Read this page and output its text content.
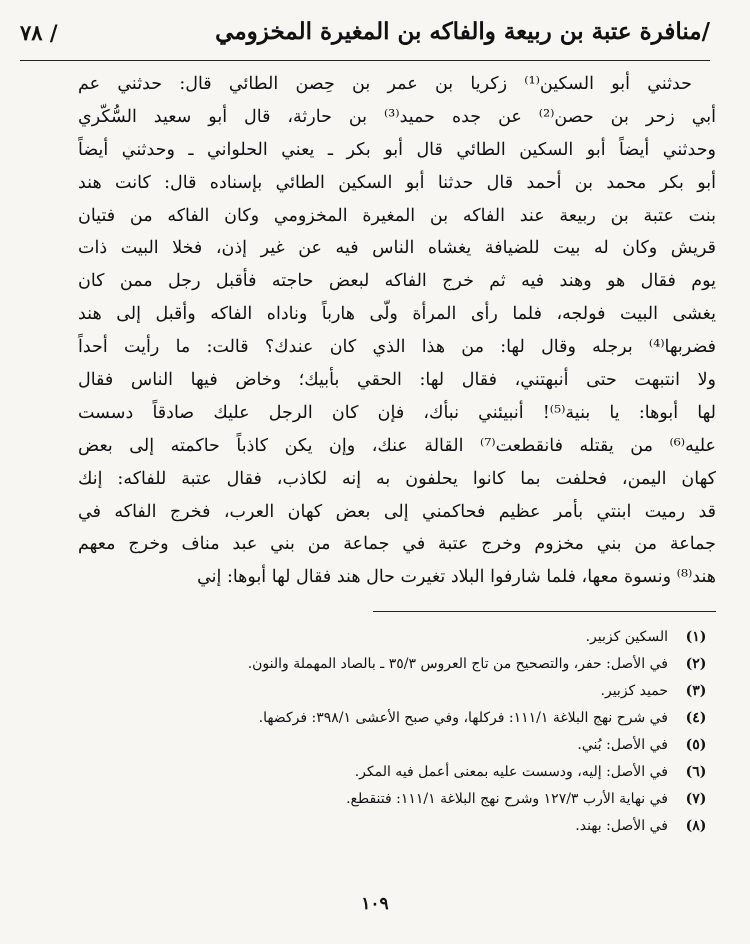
/منافرة عتبة بن ربيعة والفاكه بن المغيرة المخزومي
/ ٧٨
حدثني أبو السكين⁽¹⁾ زكريا بن عمر بن حِصن الطائي قال: حدثني عم
أبي زحر بن حصن⁽²⁾ عن جده حميد⁽³⁾ بن حارثة، قال أبو سعيد السُّكّري
وحدثني أيضاً أبو السكين الطائي قال أبو بكر ـ يعني الحلواني ـ وحدثني أيضاً
أبو بكر محمد بن أحمد قال حدثنا أبو السكين الطائي بإسناده قال: كانت هند
بنت عتبة بن ربيعة عند الفاكه بن المغيرة المخزومي وكان الفاكه من فتيان
قريش وكان له بيت للضيافة يغشاه الناس فيه عن غير إذن، فخلا البيت ذات
يوم فقال هو وهند فيه ثم خرج الفاكه لبعض حاجته فأقبل رجل ممن كان
يغشى البيت فولجه، فلما رأى المرأة ولّى هارباً وناداه الفاكه وأقبل إلى هند
فضربها⁽⁴⁾ برجله وقال لها: من هذا الذي كان عندك؟ قالت: ما رأيت أحداً
ولا انتبهت حتى أنبهتني، فقال لها: الحقي بأبيك؛ وخاض فيها الناس فقال
لها أبوها: يا بنية⁽⁵⁾! أنبيئني نبأك، فإن كان الرجل عليك صادقاً دسست
عليه⁽⁶⁾ من يقتله فانقطعت⁽⁷⁾ القالة عنك، وإن يكن كاذباً حاكمته إلى بعض
كهان اليمن، فحلفت بما كانوا يحلفون به إنه لكاذب، فقال عتبة للفاكه: إنك
قد رميت ابنتي بأمر عظيم فحاكمني إلى بعض كهان العرب، فخرج الفاكه في
جماعة من بني مخزوم وخرج عتبة في جماعة من بني عبد مناف وخرج معهم
هند⁽⁸⁾ ونسوة معها، فلما شارفوا البلاد تغيرت حال هند فقال لها أبوها: إني
(١)
السكين كزبير.
(٢)
في الأصل: حفر، والتصحيح من تاج العروس ٣٥/٣ ـ بالصاد المهملة والنون.
(٣)
حميد كزبير.
(٤)
في شرح نهج البلاغة ١١١/١: فركلها، وفي صبح الأعشى ٣٩٨/١: فركضها.
(٥)
في الأصل: بُني.
(٦)
في الأصل: إليه، ودسست عليه بمعنى أعمل فيه المكر.
(٧)
في نهاية الأرب ١٢٧/٣ وشرح نهج البلاغة ١١١/١: فتنقطع.
(٨)
في الأصل: بهند.
١٠٩
